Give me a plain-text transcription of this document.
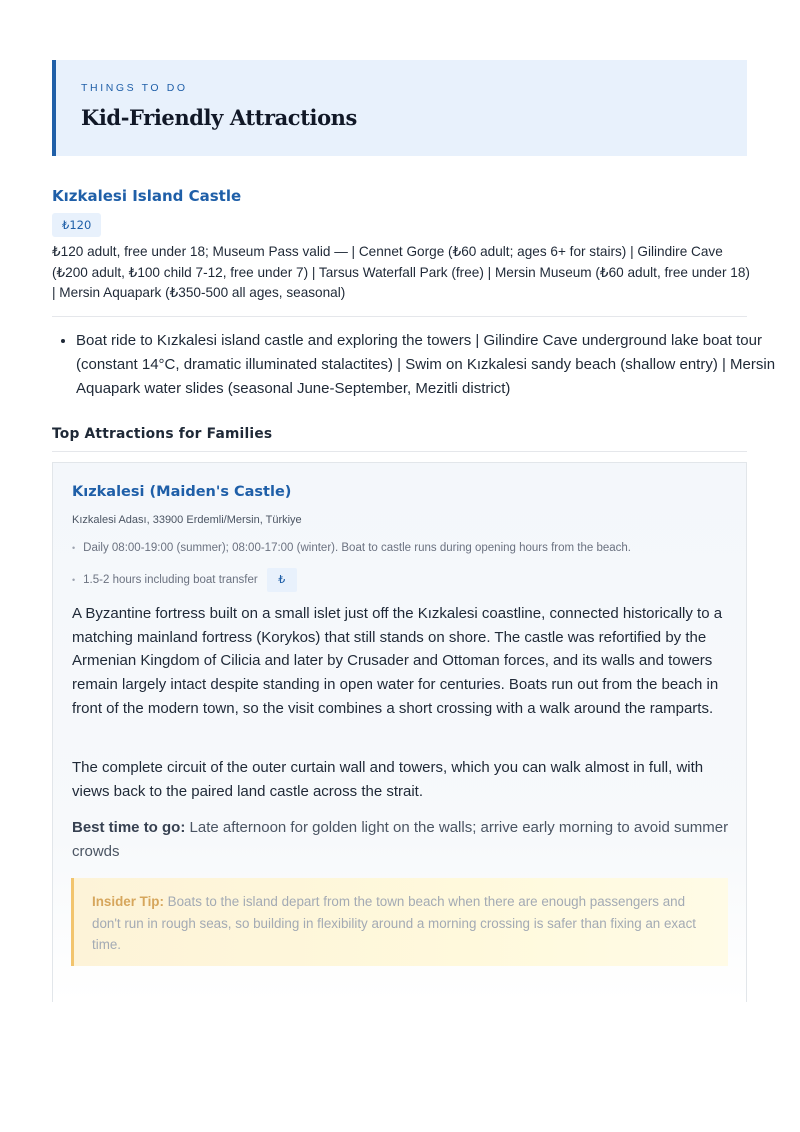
THINGS TO DO
Kid-Friendly Attractions
Kızkalesi Island Castle
₺120
₺120 adult, free under 18; Museum Pass valid — | Cennet Gorge (₺60 adult; ages 6+ for stairs) | Gilindire Cave (₺200 adult, ₺100 child 7-12, free under 7) | Tarsus Waterfall Park (free) | Mersin Museum (₺60 adult, free under 18) | Mersin Aquapark (₺350-500 all ages, seasonal)
• Boat ride to Kızkalesi island castle and exploring the towers | Gilindire Cave underground lake boat tour (constant 14°C, dramatic illuminated stalactites) | Swim on Kızkalesi sandy beach (shallow entry) | Mersin Aquapark water slides (seasonal June-September, Mezitli district)
Top Attractions for Families
Kızkalesi (Maiden's Castle)
Kızkalesi Adası, 33900 Erdemli/Mersin, Türkiye
• Daily 08:00-19:00 (summer); 08:00-17:00 (winter). Boat to castle runs during opening hours from the beach.
• 1.5-2 hours including boat transfer	₺

A Byzantine fortress built on a small islet just off the Kızkalesi coastline, connected historically to a matching mainland fortress (Korykos) that still stands on shore. The castle was refortified by the Armenian Kingdom of Cilicia and later by Crusader and Ottoman forces, and its walls and towers remain largely intact despite standing in open water for centuries. Boats run out from the beach in front of the modern town, so the visit combines a short crossing with a walk around the ramparts.

The complete circuit of the outer curtain wall and towers, which you can walk almost in full, with views back to the paired land castle across the strait.

Best time to go: Late afternoon for golden light on the walls; arrive early morning to avoid summer crowds

Insider Tip: Boats to the island depart from the town beach when there are enough passengers and don't run in rough seas, so building in flexibility around a morning crossing is safer than fixing an exact time.
